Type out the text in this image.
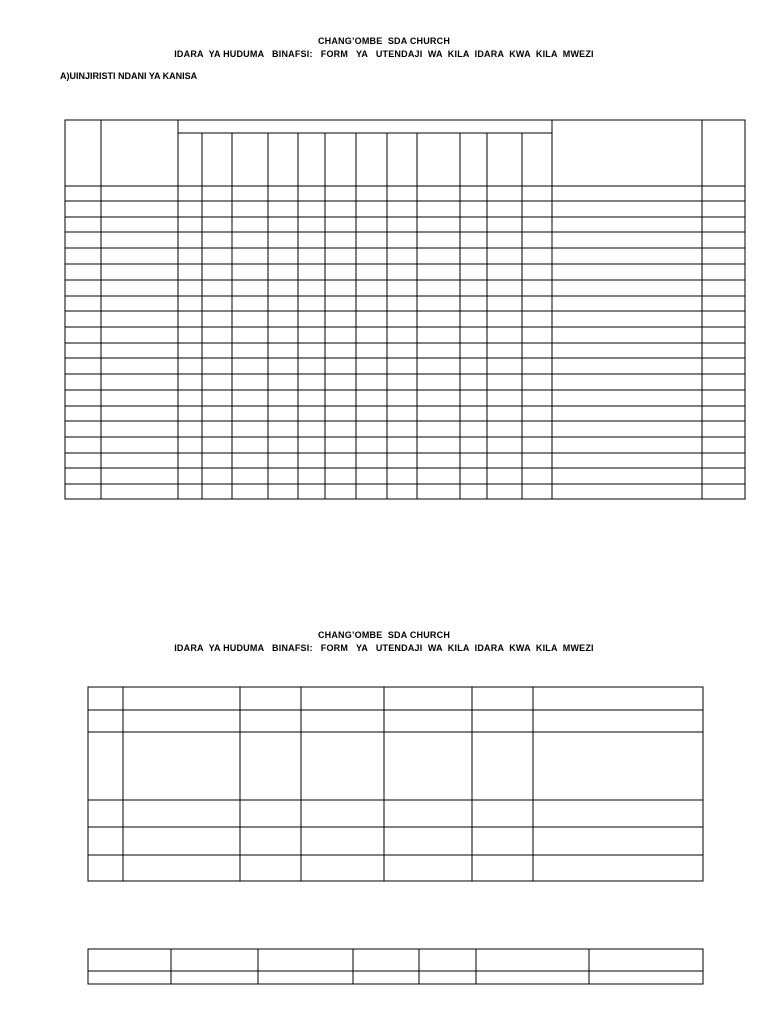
CHANG’OMBE  SDA CHURCH
IDARA  YA HUDUMA   BINAFSI:   FORM   YA   UTENDAJI  WA  KILA  IDARA  KWA  KILA  MWEZI
A)UINJIRISTI NDANI YA KANISA
CHANG’OMBE  SDA CHURCH
IDARA  YA HUDUMA   BINAFSI:   FORM   YA   UTENDAJI  WA  KILA  IDARA  KWA  KILA  MWEZI
